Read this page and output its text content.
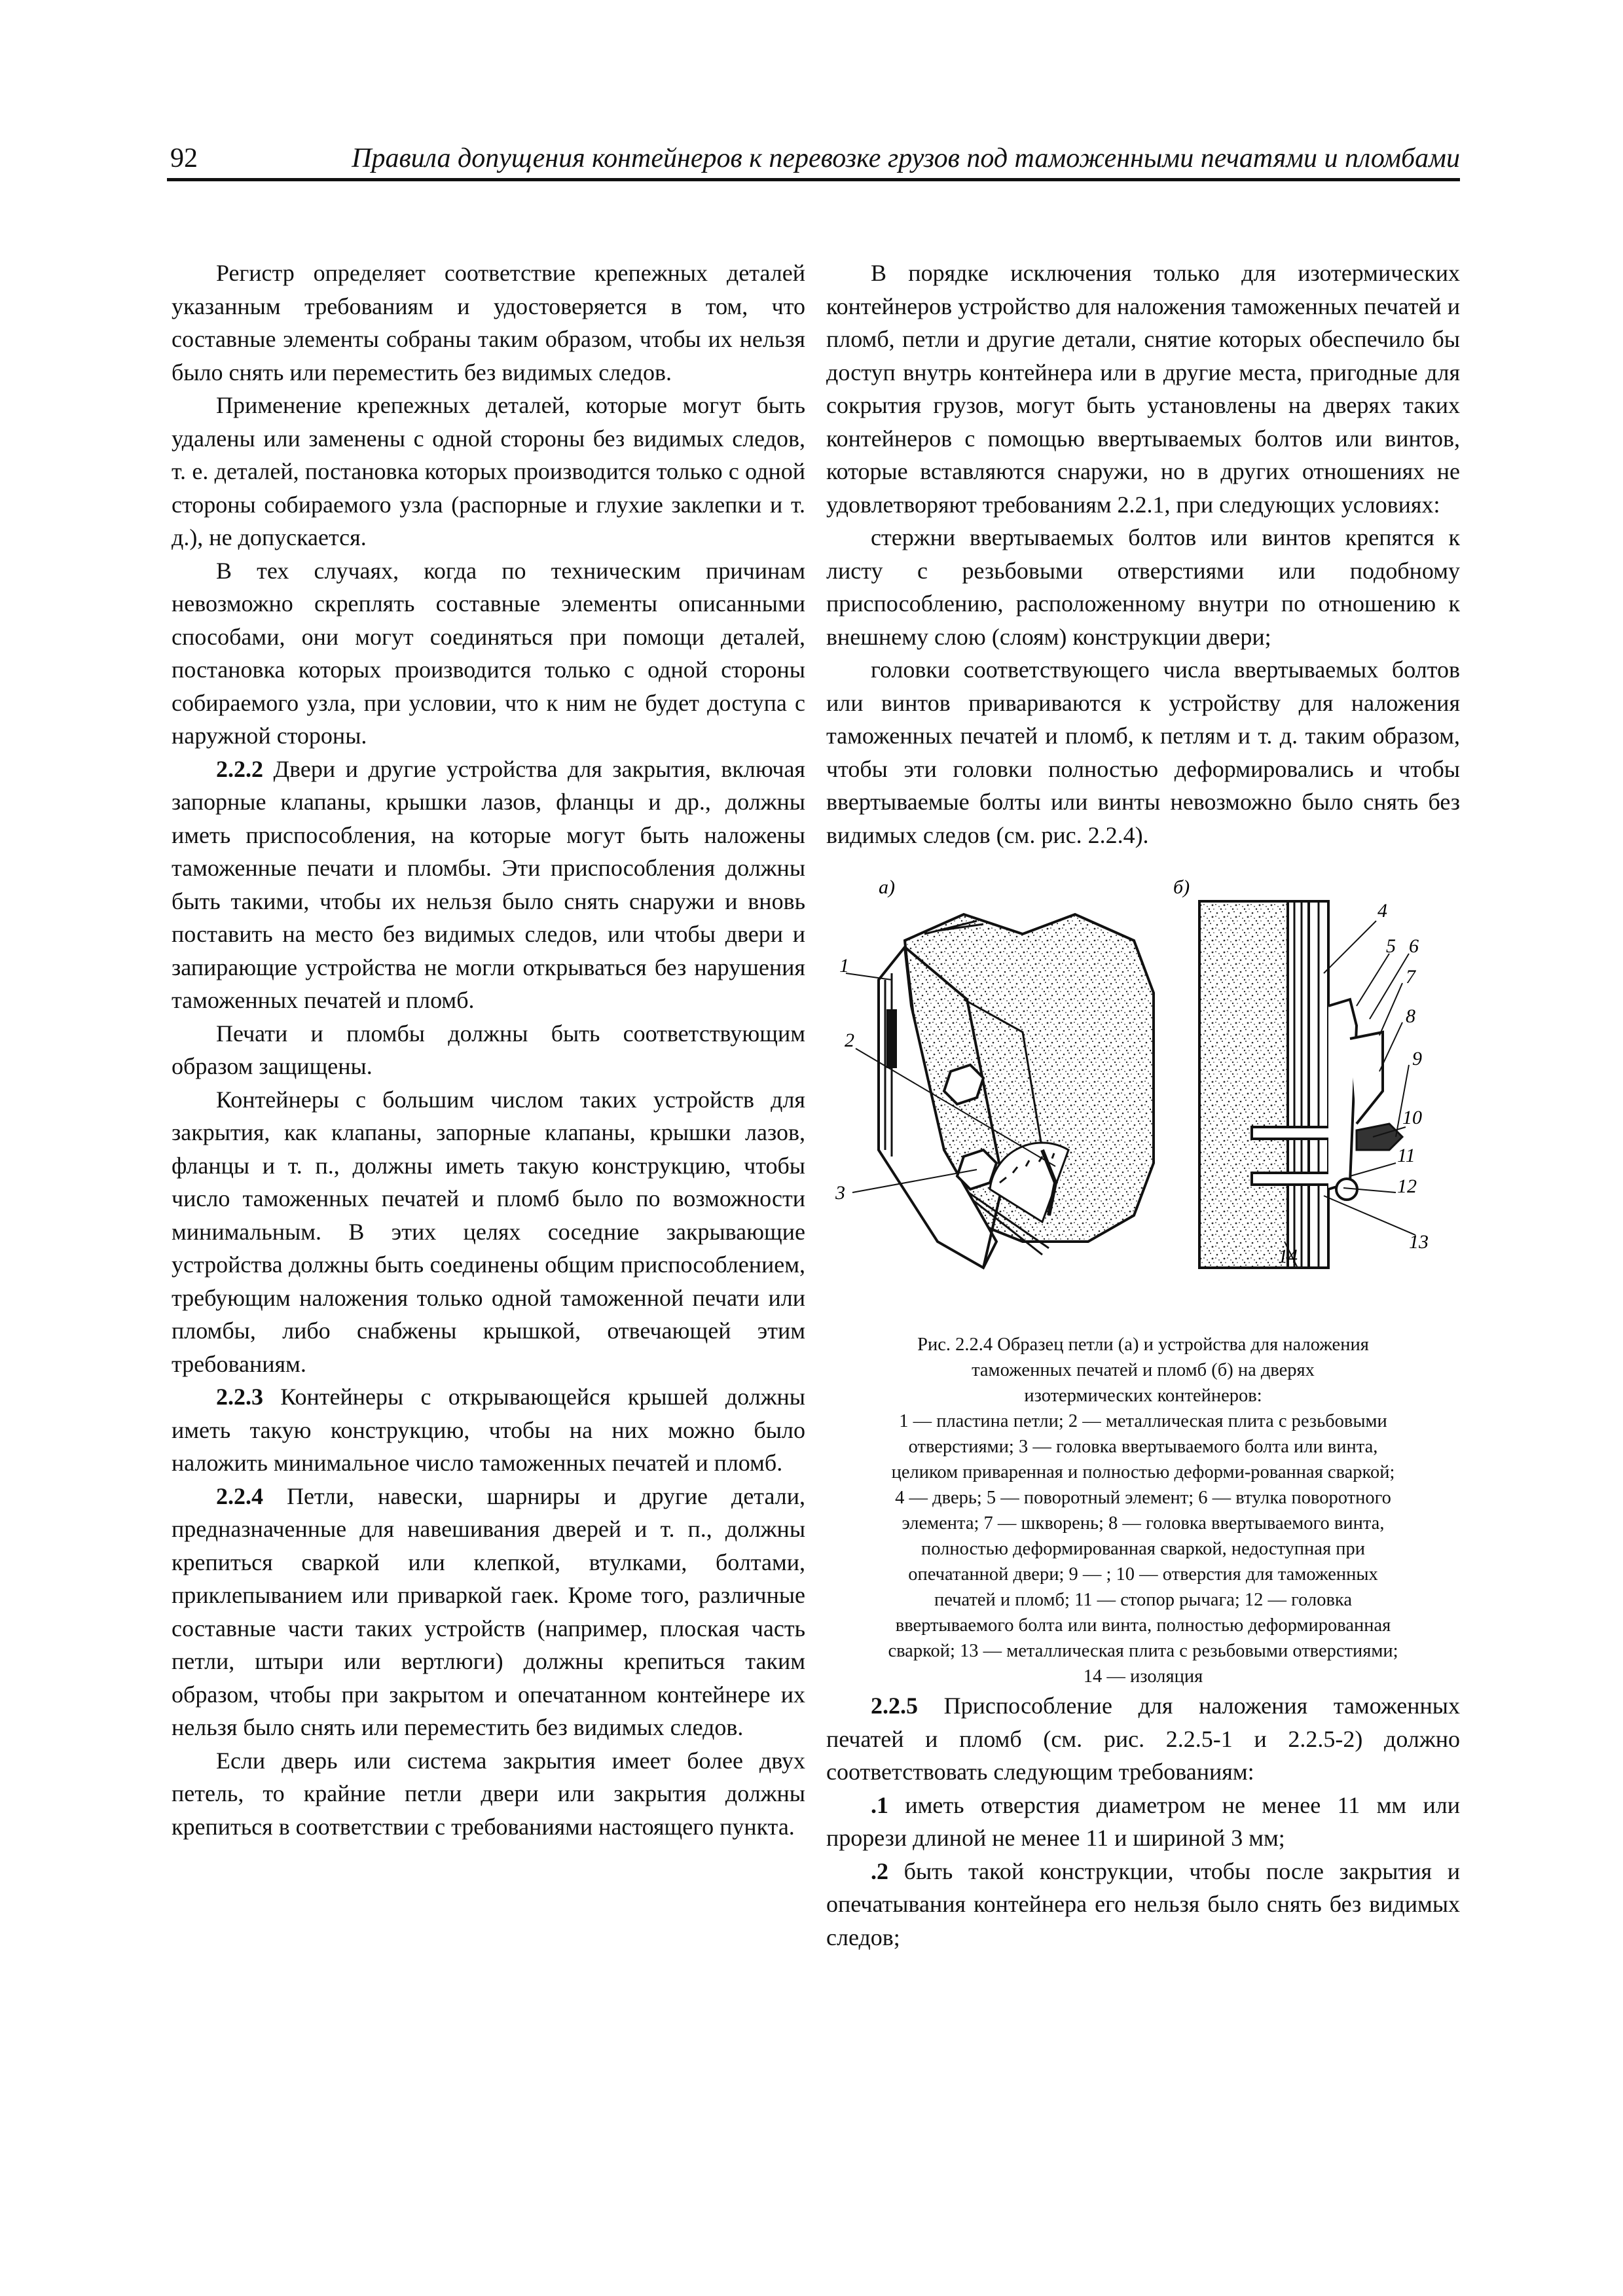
92	Правила допущения контейнеров к перевозке грузов под таможенными печатями и пломбами

Регистр определяет соответствие крепежных деталей указанным требованиям и удостоверяется в том, что составные элементы собраны таким образом, чтобы их нельзя было снять или переместить без видимых следов.

Применение крепежных деталей, которые могут быть удалены или заменены с одной стороны без видимых следов, т. е. деталей, постановка которых производится только с одной стороны собираемого узла (распорные и глухие заклепки и т. д.), не допускается.

В тех случаях, когда по техническим причинам невозможно скреплять составные элементы описанными способами, они могут соединяться при помощи деталей, постановка которых производится только с одной стороны собираемого узла, при условии, что к ним не будет доступа с наружной стороны.

2.2.2 Двери и другие устройства для закрытия, включая запорные клапаны, крышки лазов, фланцы и др., должны иметь приспособления, на которые могут быть наложены таможенные печати и пломбы. Эти приспособления должны быть такими, чтобы их нельзя было снять снаружи и вновь поставить на место без видимых следов, или чтобы двери и запирающие устройства не могли открываться без нарушения таможенных печатей и пломб.

Печати и пломбы должны быть соответствующим образом защищены.

Контейнеры с большим числом таких устройств для закрытия, как клапаны, запорные клапаны, крышки лазов, фланцы и т. п., должны иметь такую конструкцию, чтобы число таможенных печатей и пломб было по возможности минимальным. В этих целях соседние закрывающие устройства должны быть соединены общим приспособлением, требующим наложения только одной таможенной печати или пломбы, либо снабжены крышкой, отвечающей этим требованиям.

2.2.3 Контейнеры с открывающейся крышей должны иметь такую конструкцию, чтобы на них можно было наложить минимальное число таможенных печатей и пломб.

2.2.4 Петли, навески, шарниры и другие детали, предназначенные для навешивания дверей и т. п., должны крепиться сваркой или клепкой, втулками, болтами, приклепыванием или приваркой гаек. Кроме того, различные составные части таких устройств (например, плоская часть петли, штыри или вертлюги) должны крепиться таким образом, чтобы при закрытом и опечатанном контейнере их нельзя было снять или переместить без видимых следов.

Если дверь или система закрытия имеет более двух петель, то крайние петли двери или закрытия должны крепиться в соответствии с требованиями настоящего пункта.

В порядке исключения только для изотермических контейнеров устройство для наложения таможенных печатей и пломб, петли и другие детали, снятие которых обеспечило бы доступ внутрь контейнера или в другие места, пригодные для сокрытия грузов, могут быть установлены на дверях таких контейнеров с помощью ввертываемых болтов или винтов, которые вставляются снаружи, но в других отношениях не удовлетворяют требованиям 2.2.1, при следующих условиях:

стержни ввертываемых болтов или винтов крепятся к листу с резьбовыми отверстиями или подобному приспособлению, расположенному внутри по отношению к внешнему слою (слоям) конструкции двери;

головки соответствующего числа ввертываемых болтов или винтов привариваются к устройству для наложения таможенных печатей и пломб, к петлям и т. д. таким образом, чтобы эти головки полностью деформировались и чтобы ввертываемые болты или винты невозможно было снять без видимых следов (см. рис. 2.2.4).

а)	б)
1
2
3
4
5 6
7
8
9
10
11
12
13
14
Рис. 2.2.4 Образец петли (а) и устройства для наложения
таможенных печатей и пломб (б) на дверях
изотермических контейнеров:
1 — пластина петли; 2 — металлическая плита с резьбовыми
отверстиями; 3 — головка ввертываемого болта или винта,
целиком приваренная и полностью деформи-рованная сваркой;
4 — дверь; 5 — поворотный элемент; 6 — втулка поворотного
элемента; 7 — шкворень; 8 — головка ввертываемого винта,
полностью деформированная сваркой, недоступная при
опечатанной двери; 9 — ; 10 — отверстия для таможенных
печатей и пломб; 11 — стопор рычага; 12 — головка
ввертываемого болта или винта, полностью деформированная
сваркой; 13 — металлическая плита с резьбовыми отверстиями;
14 — изоляция

2.2.5 Приспособление для наложения таможенных печатей и пломб (см. рис. 2.2.5-1 и 2.2.5-2) должно соответствовать следующим требованиям:

.1 иметь отверстия диаметром не менее 11 мм или прорези длиной не менее 11 и шириной 3 мм;

.2 быть такой конструкции, чтобы после закрытия и опечатывания контейнера его нельзя было снять без видимых следов;
